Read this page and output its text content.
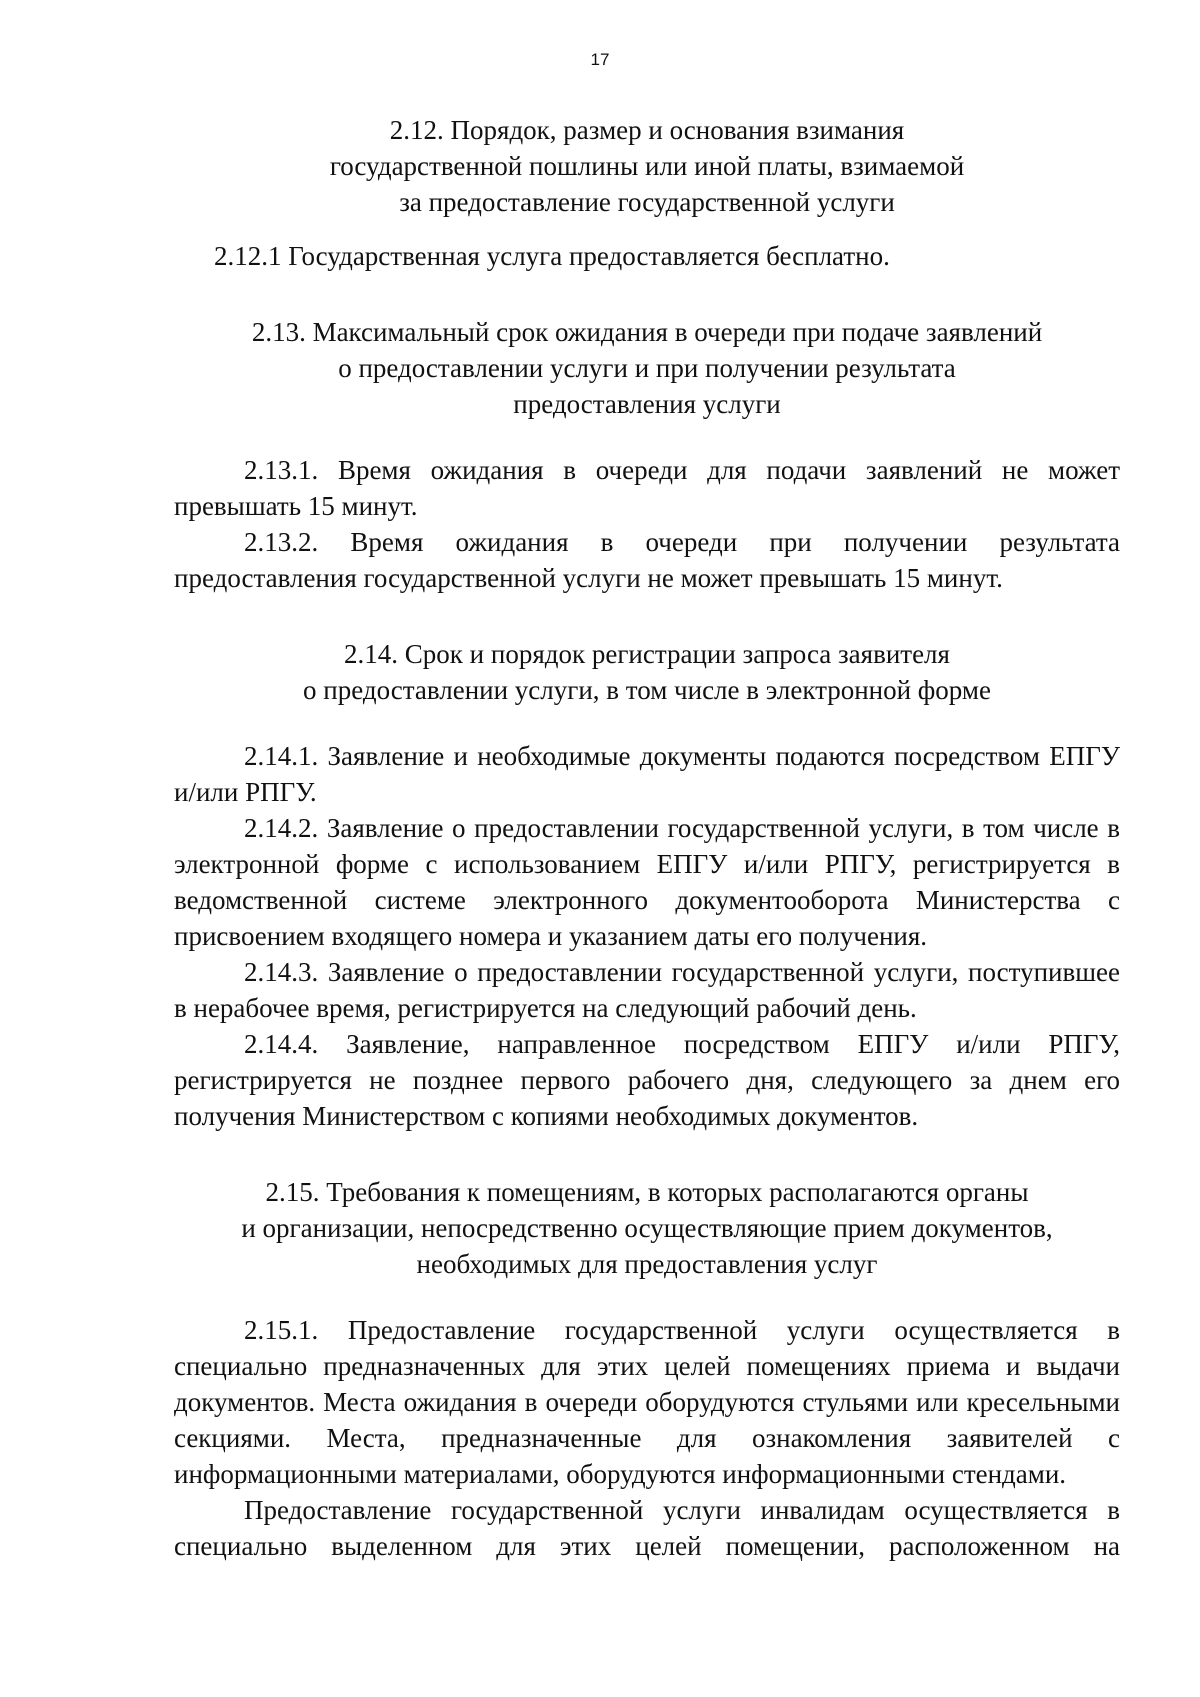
17
2.12. Порядок, размер и основания взимания
государственной пошлины или иной платы, взимаемой
за предоставление государственной услуги

2.12.1 Государственная услуга предоставляется бесплатно.

2.13. Максимальный срок ожидания в очереди при подаче заявлений
о предоставлении услуги и при получении результата
предоставления услуги

2.13.1. Время ожидания в очереди для подачи заявлений не может превышать 15 минут.

2.13.2. Время ожидания в очереди при получении результата предоставления государственной услуги не может превышать 15 минут.

2.14. Срок и порядок регистрации запроса заявителя
о предоставлении услуги, в том числе в электронной форме

2.14.1. Заявление и необходимые документы подаются посредством ЕПГУ и/или РПГУ.

2.14.2. Заявление о предоставлении государственной услуги, в том числе в электронной форме с использованием ЕПГУ и/или РПГУ, регистрируется в ведомственной системе электронного документооборота Министерства с присвоением входящего номера и указанием даты его получения.

2.14.3. Заявление о предоставлении государственной услуги, поступившее в нерабочее время, регистрируется на следующий рабочий день.

2.14.4. Заявление, направленное посредством ЕПГУ и/или РПГУ, регистрируется не позднее первого рабочего дня, следующего за днем его получения Министерством с копиями необходимых документов.

2.15. Требования к помещениям, в которых располагаются органы
и организации, непосредственно осуществляющие прием документов,
необходимых для предоставления услуг

2.15.1. Предоставление государственной услуги осуществляется в специально предназначенных для этих целей помещениях приема и выдачи документов. Места ожидания в очереди оборудуются стульями или кресельными секциями. Места, предназначенные для ознакомления заявителей с информационными материалами, оборудуются информационными стендами.

Предоставление государственной услуги инвалидам осуществляется в специально выделенном для этих целей помещении, расположенном на
